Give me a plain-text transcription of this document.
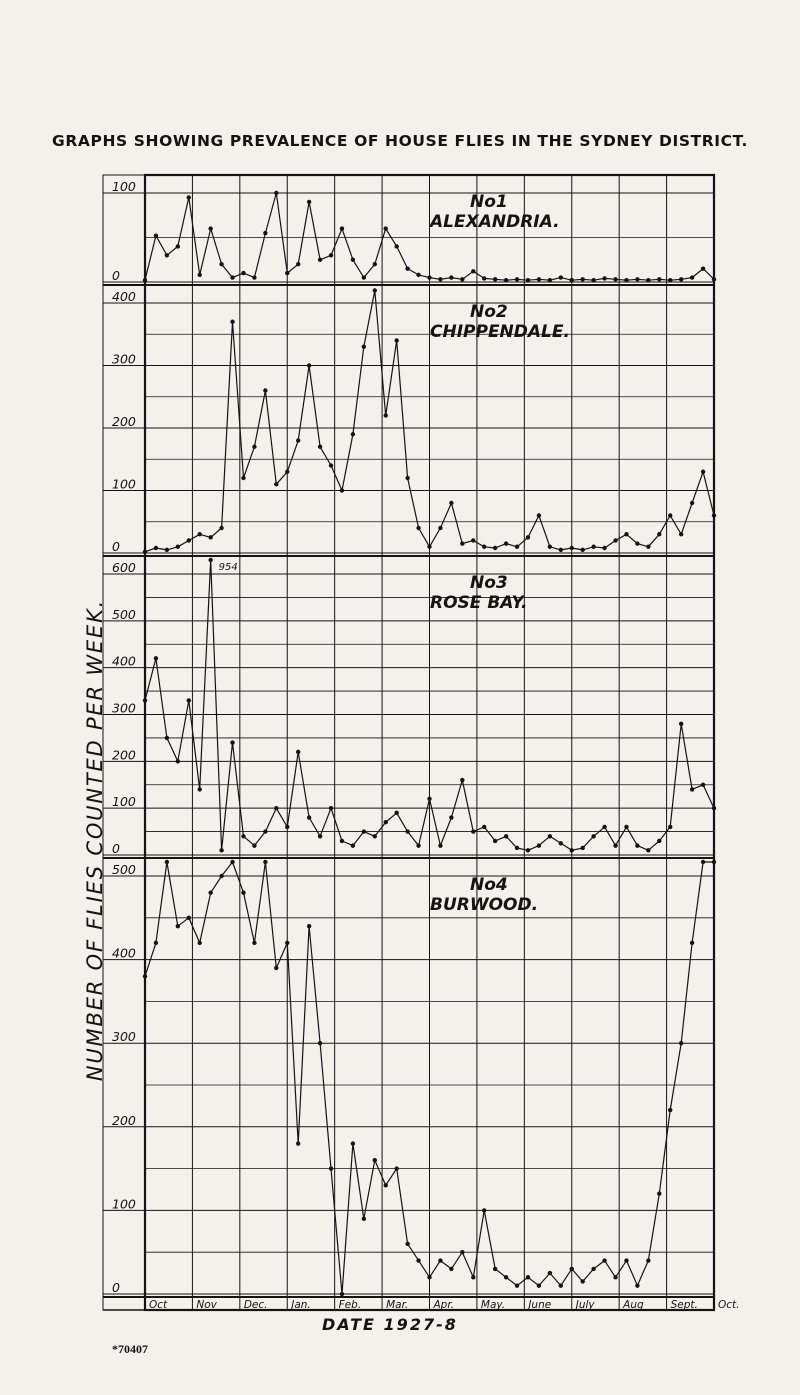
GRAPHS SHOWING PREVALENCE OF HOUSE FLIES IN THE SYDNEY DISTRICT.
NUMBER OF FLIES COUNTED PER WEEK.
100
0
No1
ALEXANDRIA.
400
300
200
100
0
No2
CHIPPENDALE.
600
500
400
300
200
100
0
No3
ROSE BAY.
954
500
400
300
200
100
0
No4
BURWOOD.
Oct	Nov	Dec. Jan.	Feb. Mar. Apr.	May. June July	Aug	Sept. Oct.
DATE 1927-8
*70407
